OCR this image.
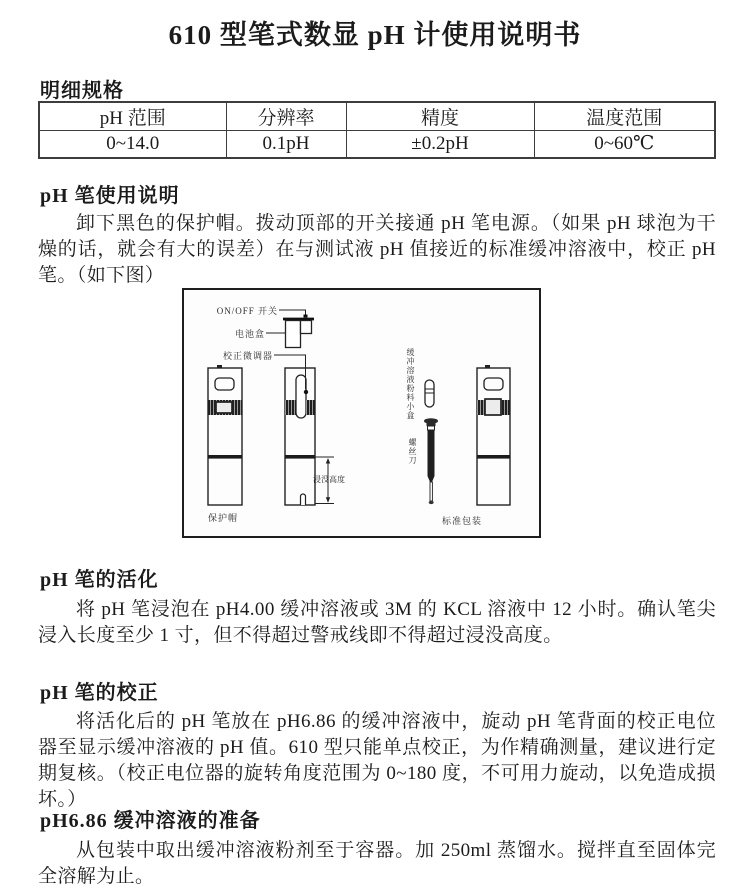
610 型笔式数显 pH 计使用说明书
明细规格
pH 范围	分辨率	精度	温度范围
0~14.0	0.1pH	±0.2pH	0~60℃
pH 笔使用说明
卸下黑色的保护帽。拨动顶部的开关接通 pH 笔电源。（如果 pH 球泡为干燥的话，就会有大的误差）在与测试液 pH 值接近的标准缓冲溶液中，校正 pH 笔。（如下图）
ON/OFF 开关
电池盒
校正微调器
浸没高度
保护帽
缓冲溶液粉料小盒
螺丝刀
标准包装
pH 笔的活化
将 pH 笔浸泡在 pH4.00 缓冲溶液或 3M 的 KCL 溶液中 12 小时。确认笔尖浸入长度至少 1 寸，但不得超过警戒线即不得超过浸没高度。
pH 笔的校正
将活化后的 pH 笔放在 pH6.86 的缓冲溶液中，旋动 pH 笔背面的校正电位器至显示缓冲溶液的 pH 值。610 型只能单点校正，为作精确测量，建议进行定期复核。（校正电位器的旋转角度范围为 0~180 度，不可用力旋动，以免造成损坏。）
pH6.86 缓冲溶液的准备
从包装中取出缓冲溶液粉剂至于容器。加 250ml 蒸馏水。搅拌直至固体完全溶解为止。
